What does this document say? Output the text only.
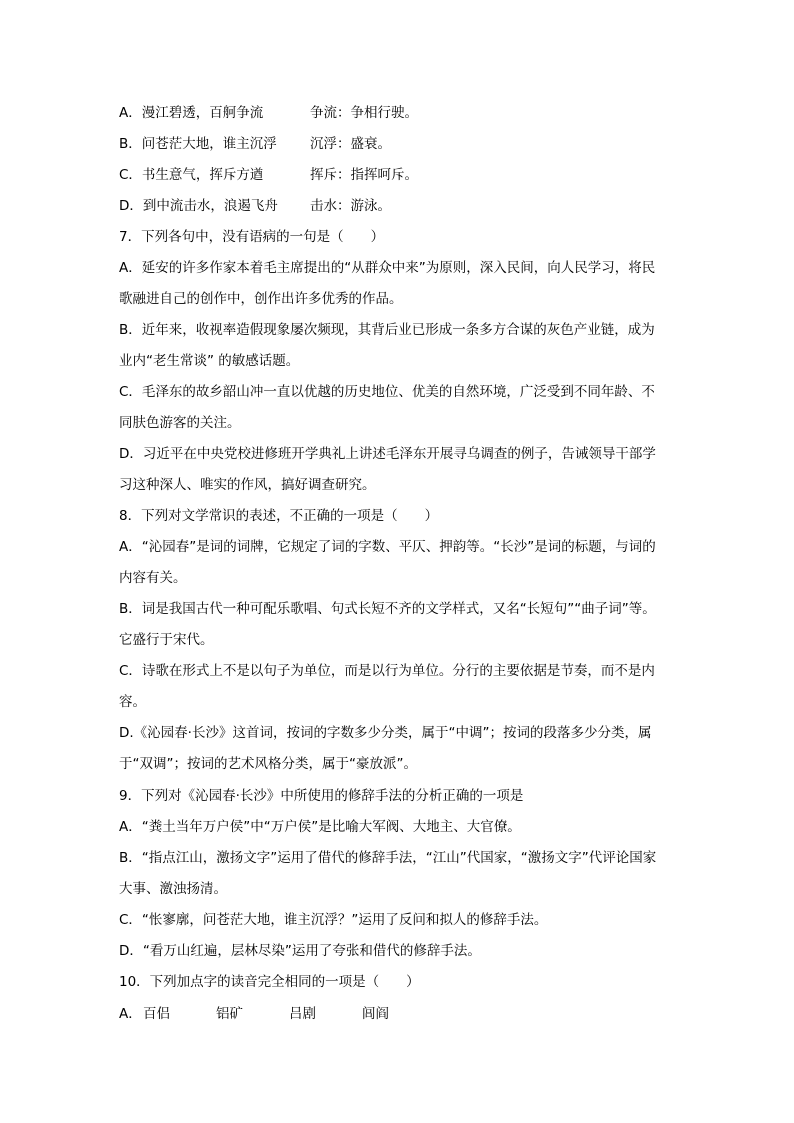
A．漫江碧透，百舸争流	争流：争相行驶。
B．问苍茫大地，谁主沉浮 沉浮：盛衰。
C．书生意气，挥斥方遒	挥斥：指挥呵斥。
D．到中流击水，浪遏飞舟 击水：游泳。
7．下列各句中，没有语病的一句是（　　）
A．延安的许多作家本着毛主席提出的“从群众中来”为原则，深入民间，向人民学习，将民
歌融进自己的创作中，创作出许多优秀的作品。
B．近年来，收视率造假现象屡次频现，其背后业已形成一条多方合谋的灰色产业链，成为
业内“老生常谈” 的敏感话题。
C．毛泽东的故乡韶山冲一直以优越的历史地位、优美的自然环境，广泛受到不同年龄、不
同肤色游客的关注。
D．习近平在中央党校进修班开学典礼上讲述毛泽东开展寻乌调查的例子，告诫领导干部学
习这种深人、唯实的作风，搞好调查研究。
8．下列对文学常识的表述，不正确的一项是（　　）
A．“沁园春”是词的词牌，它规定了词的字数、平仄、押韵等。“长沙”是词的标题，与词的
内容有关。
B．词是我国古代一种可配乐歌唱、句式长短不齐的文学样式，又名“长短句”“曲子词”等。
它盛行于宋代。
C．诗歌在形式上不是以句子为单位，而是以行为单位。分行的主要依据是节奏，而不是内
容。
D.《沁园春·长沙》这首词，按词的字数多少分类，属于“中调”；按词的段落多少分类，属
于“双调”；按词的艺术风格分类，属于“豪放派”。
9．下列对《沁园春·长沙》中所使用的修辞手法的分析正确的一项是
A．“粪土当年万户侯”中“万户侯”是比喻大军阀、大地主、大官僚。
B．“指点江山，激扬文字”运用了借代的修辞手法，“江山”代国家，“激扬文字”代评论国家
大事、激浊扬清。
C．“怅寥廓，问苍茫大地，谁主沉浮？”运用了反问和拟人的修辞手法。
D．“看万山红遍，层林尽染”运用了夸张和借代的修辞手法。
10．下列加点字的读音完全相同的一项是（　　）
A． 百侣	铝矿	吕剧	闾阎
